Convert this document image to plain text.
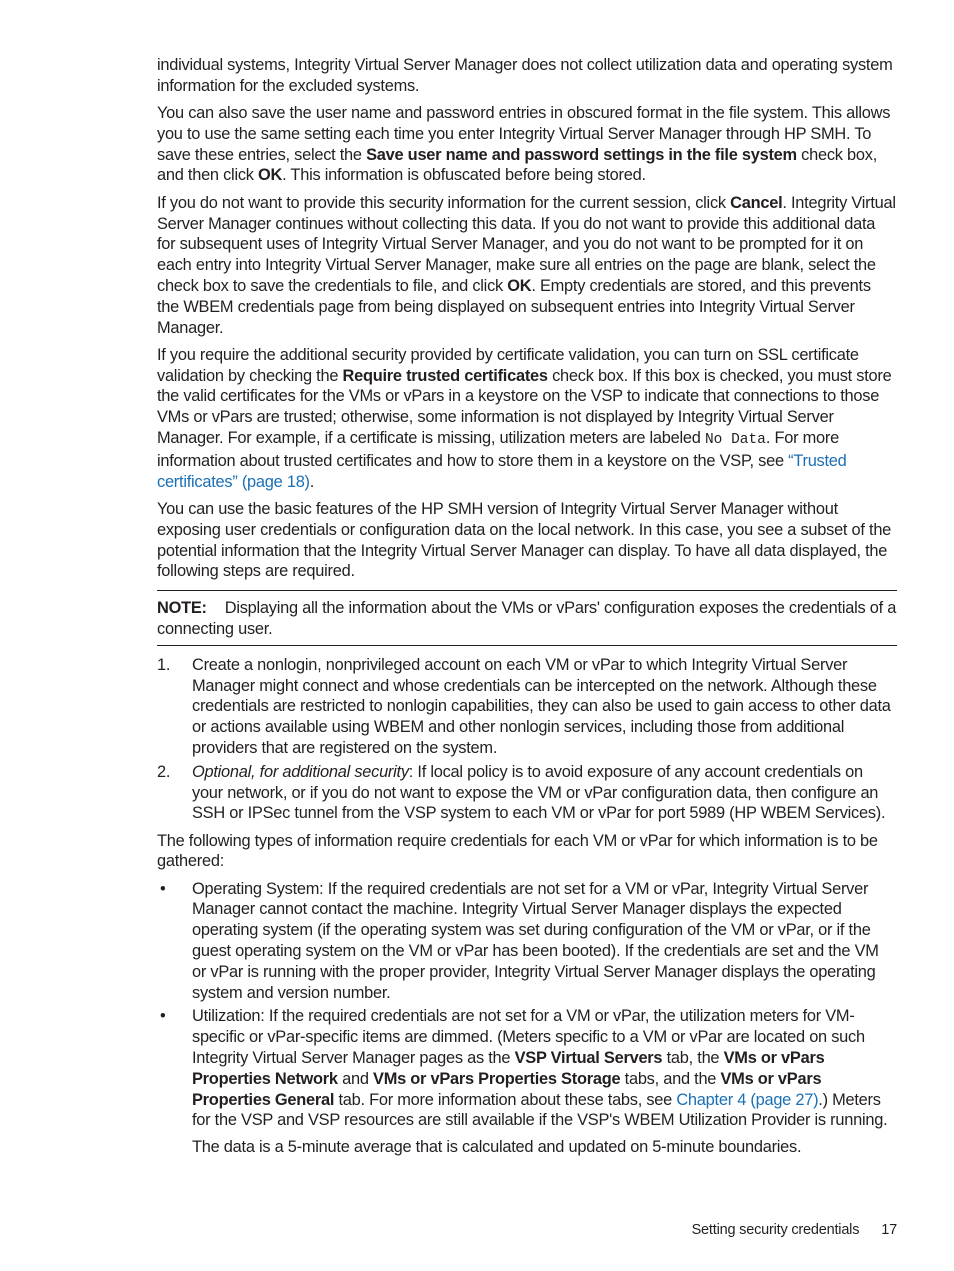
individual systems, Integrity Virtual Server Manager does not collect utilization data and operating system information for the excluded systems.

You can also save the user name and password entries in obscured format in the file system. This allows you to use the same setting each time you enter Integrity Virtual Server Manager through HP SMH. To save these entries, select the Save user name and password settings in the file system check box, and then click OK. This information is obfuscated before being stored.

If you do not want to provide this security information for the current session, click Cancel. Integrity Virtual Server Manager continues without collecting this data. If you do not want to provide this additional data for subsequent uses of Integrity Virtual Server Manager, and you do not want to be prompted for it on each entry into Integrity Virtual Server Manager, make sure all entries on the page are blank, select the check box to save the credentials to file, and click OK. Empty credentials are stored, and this prevents the WBEM credentials page from being displayed on subsequent entries into Integrity Virtual Server Manager.

If you require the additional security provided by certificate validation, you can turn on SSL certificate validation by checking the Require trusted certificates check box. If this box is checked, you must store the valid certificates for the VMs or vPars in a keystore on the VSP to indicate that connections to those VMs or vPars are trusted; otherwise, some information is not displayed by Integrity Virtual Server Manager. For example, if a certificate is missing, utilization meters are labeled No Data. For more information about trusted certificates and how to store them in a keystore on the VSP, see “Trusted certificates” (page 18).

You can use the basic features of the HP SMH version of Integrity Virtual Server Manager without exposing user credentials or configuration data on the local network. In this case, you see a subset of the potential information that the Integrity Virtual Server Manager can display. To have all data displayed, the following steps are required.

NOTE: Displaying all the information about the VMs or vPars' configuration exposes the credentials of a connecting user.
1. Create a nonlogin, nonprivileged account on each VM or vPar to which Integrity Virtual Server Manager might connect and whose credentials can be intercepted on the network. Although these credentials are restricted to nonlogin capabilities, they can also be used to gain access to other data or actions available using WBEM and other nonlogin services, including those from additional providers that are registered on the system.
2. Optional, for additional security: If local policy is to avoid exposure of any account credentials on your network, or if you do not want to expose the VM or vPar configuration data, then configure an SSH or IPSec tunnel from the VSP system to each VM or vPar for port 5989 (HP WBEM Services).

The following types of information require credentials for each VM or vPar for which information is to be gathered:

• Operating System: If the required credentials are not set for a VM or vPar, Integrity Virtual Server Manager cannot contact the machine. Integrity Virtual Server Manager displays the expected operating system (if the operating system was set during configuration of the VM or vPar, or if the guest operating system on the VM or vPar has been booted). If the credentials are set and the VM or vPar is running with the proper provider, Integrity Virtual Server Manager displays the operating system and version number.
• Utilization: If the required credentials are not set for a VM or vPar, the utilization meters for VM-specific or vPar-specific items are dimmed. (Meters specific to a VM or vPar are located on such Integrity Virtual Server Manager pages as the VSP Virtual Servers tab, the VMs or vPars Properties Network and VMs or vPars Properties Storage tabs, and the VMs or vPars Properties General tab. For more information about these tabs, see Chapter 4 (page 27).) Meters for the VSP and VSP resources are still available if the VSP's WBEM Utilization Provider is running.
The data is a 5-minute average that is calculated and updated on 5-minute boundaries.
Setting security credentials 17
